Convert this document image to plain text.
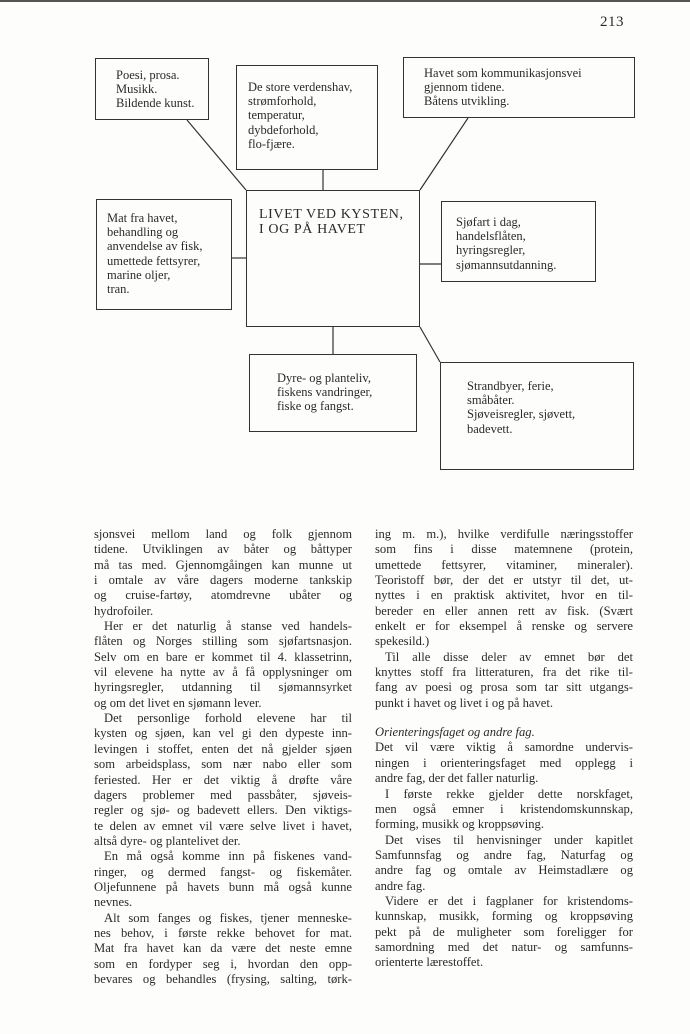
213
Poesi, prosa.
Musikk.
Bildende kunst.
De store verdenshav,
strømforhold,
temperatur,
dybdeforhold,
flo-fjære.
Havet som kommunikasjonsvei
gjennom tidene.
Båtens utvikling.
Mat fra havet,
behandling og
anvendelse av fisk,
umettede fettsyrer,
marine oljer,
tran.
LIVET VED KYSTEN,
I OG PÅ HAVET	Sjøfart i dag,
handelsflåten,
hyringsregler,
sjømannsutdanning.
Dyre- og planteliv,
fiskens vandringer,
fiske og fangst.
Strandbyer, ferie,
småbåter.
Sjøveisregler, sjøvett,
badevett.
sjonsvei mellom land og folk gjennom
tidene. Utviklingen av båter og båttyper
må tas med. Gjennomgåingen kan munne ut
i omtale av våre dagers moderne tankskip
og cruise-fartøy, atomdrevne ubåter og
hydrofoiler.
Her er det naturlig å stanse ved handels-
flåten og Norges stilling som sjøfartsnasjon.
Selv om en bare er kommet til 4. klassetrinn,
vil elevene ha nytte av å få opplysninger om
hyringsregler, utdanning til sjømannsyrket
og om det livet en sjømann lever.
Det personlige forhold elevene har til
kysten og sjøen, kan vel gi den dypeste inn-
levingen i stoffet, enten det nå gjelder sjøen
som arbeidsplass, som nær nabo eller som
feriested. Her er det viktig å drøfte våre
dagers problemer med passbåter, sjøveis-
regler og sjø- og badevett ellers. Den viktigs-
te delen av emnet vil være selve livet i havet,
altså dyre- og plantelivet der.
En må også komme inn på fiskenes vand-
ringer, og dermed fangst- og fiskemåter.
Oljefunnene på havets bunn må også kunne
nevnes.
Alt som fanges og fiskes, tjener menneske-
nes behov, i første rekke behovet for mat.
Mat fra havet kan da være det neste emne
som en fordyper seg i, hvordan den opp-
bevares og behandles (frysing, salting, tørk-
ing m. m.), hvilke verdifulle næringsstoffer
som fins i disse matemnene (protein,
umettede fettsyrer, vitaminer, mineraler).
Teoristoff bør, der det er utstyr til det, ut-
nyttes i en praktisk aktivitet, hvor en til-
bereder en eller annen rett av fisk. (Svært
enkelt er for eksempel å renske og servere
spekesild.)
Til alle disse deler av emnet bør det
knyttes stoff fra litteraturen, fra det rike til-
fang av poesi og prosa som tar sitt utgangs-
punkt i havet og livet i og på havet.
Orienteringsfaget og andre fag.
Det vil være viktig å samordne undervis-
ningen i orienteringsfaget med opplegg i
andre fag, der det faller naturlig.
I første rekke gjelder dette norskfaget,
men også emner i kristendomskunnskap,
forming, musikk og kroppsøving.
Det vises til henvisninger under kapitlet
Samfunnsfag og andre fag, Naturfag og
andre fag og omtale av Heimstadlære og
andre fag.
Videre er det i fagplaner for kristendoms-
kunnskap, musikk, forming og kroppsøving
pekt på de muligheter som foreligger for
samordning med det natur- og samfunns-
orienterte lærestoffet.
